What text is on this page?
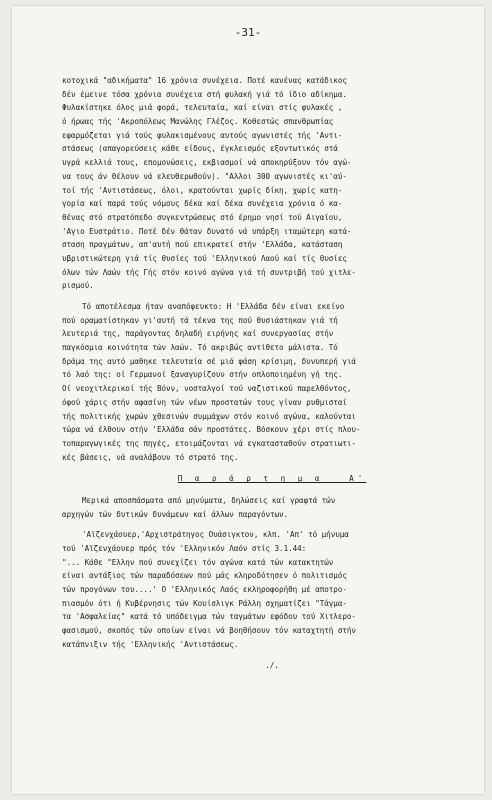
-31-
κοτοχικά "αδικήματα" 16 χρόνια συνέχεια. Ποτέ κανένας κατάδικος
δέν έμεινε τόσα χρόνια συνέχεια στή φυλακή γιά τό ίδιο αδίκημα.
Φυλακίστηκε όλος μιά φορά, τελευταία, καί είναι στίς φυλακές ,
ό ήρωας τής 'Ακροπόλεως Μανώλης Γλέζος. Κοθεστώς σπανθρωπίας
εφαρμόζεται γιά τούς φυλακισμένους αυτούς αγωνιστές τής 'Αντι-
στάσεως (απαγορεύσεις κάθε είδους, έγκλεισμός εξοντωτικός στά
υγρά κελλιά τους, επομονώσεις, εκβιασμοί νά αποκηρύξουν τόν αγώ-
να τους άν θέλουν νά ελευθερωθούν). "Αλλοι 300 αγωνιστές κι'αύ-
τοί τής 'Αντιστάσεως, όλοι, κρατούνται χωρίς δίκη, χωρίς κατη-
γορία καί παρά τούς νόμους δέκα καί δέκα συνέχεια χρόνια ό κα-
θένας στό στρατόπεδο συγκεντρώσεως στό έρημο νησί τού Αιγαίου,
'Αγιο Ευστράτιο. Ποτέ δέν θάταν δυνατό νά υπάρξη ιταμώτερη κατά-
σταση πραγμάτων, απ'αυτή πού επικρατεί στήν 'Ελλάδα, κατάσταση
υβριστικώτερη γιά τίς θυσίες τού 'Ελληνικού Λαού καί τίς θυσίες
όλων τών Λαών τής Γής στόν κοινό αγώνα γιά τή συντριβή τού χιτλε-
ρισμού.
Τό αποτέλεσμα ήταν αναπόφευκτο: Η 'Ελλάδα δέν είναι εκείνο
πού οραματίστηκαν γι'αυτή τά τέκνα της πού θυσιάστηκαν γιά τή
λευτεριά της, παράγοντας δηλαδή ειρήνης καί συνεργασίας στήν
παγκόσμια κοινότητα τών λαών. Τό ακριβώς αντίθετο μάλιστα. Τό
δράμα της αυτό μαθηκε τελευταία σέ μιά φάση κρίσιμη, δυνυπερή γιά
τό λαό της: οί Γερμανοί ξαναγυρίζουν στήν οπλοποιημένη γή της.
Οί νεοχιτλερικοί τής Βόνν, νοσταλγοί τού ναζιστικού παρελθόντος,
όφού χάρις στήν αφασίνη τών νέων προστατών τους γίναν ρυθμισταί
τής πολιτικής χωρών χθεσινών συμμάχων στόν κοινό αγώνα, καλούνται
τώρα νά έλθουν στήν 'Ελλάδα σάν προστάτες. Βόσκουν χέρι στίς πλου-
τοπαραγωγικές της πηγές, ετοιμάζονται νά εγκατασταθούν στρατιωτι-
κές βάσεις, νά αναλάβουν τό στρατό της.
Π α ρ ά ρ τ η μ α   Α'
Μερικά αποσπάσματα από μηνύματα, δηλώσεις καί γραφτά τών
αρχηγών τών δυτικών δυνάμεων καί άλλων παραγόντων.
'Αϊζενχάουερ,'Αρχιστράτηγος Ουάσιγκτον, κλπ. 'Απ' τό μήνυμα
τού 'Αϊζενχάουερ πρός τόν 'Ελληνικόν Λαόν στίς 3.1.44:
"... Κάθε "Ελλην πού συνεχίζει τόν αγώνα κατά τών κατακτητών
είναι αντάξιος τών παραδόσεων πού μάς κληροδότησεν ό πολιτισμός
τών προγόνων του....' Ο 'Ελληνικός Λαός εκληροφορήθη μέ αποτρο-
πιασμόν ότι ή Κυβέρνησις τών Κουίσλιγκ Ράλλη σχηματίζει "Τάγμα-
τα 'Ασφαλείας" κατά τό υπόδειγμα τών ταγμάτων εφόδου τού Χιτλερο-
φασισμού, σκοπός τών οποίων είναι νά βοηθήσουν τόν καταχτητή στήν
κατάπνιξιν τής 'Ελληνικής 'Αντιστάσεως.
./.
